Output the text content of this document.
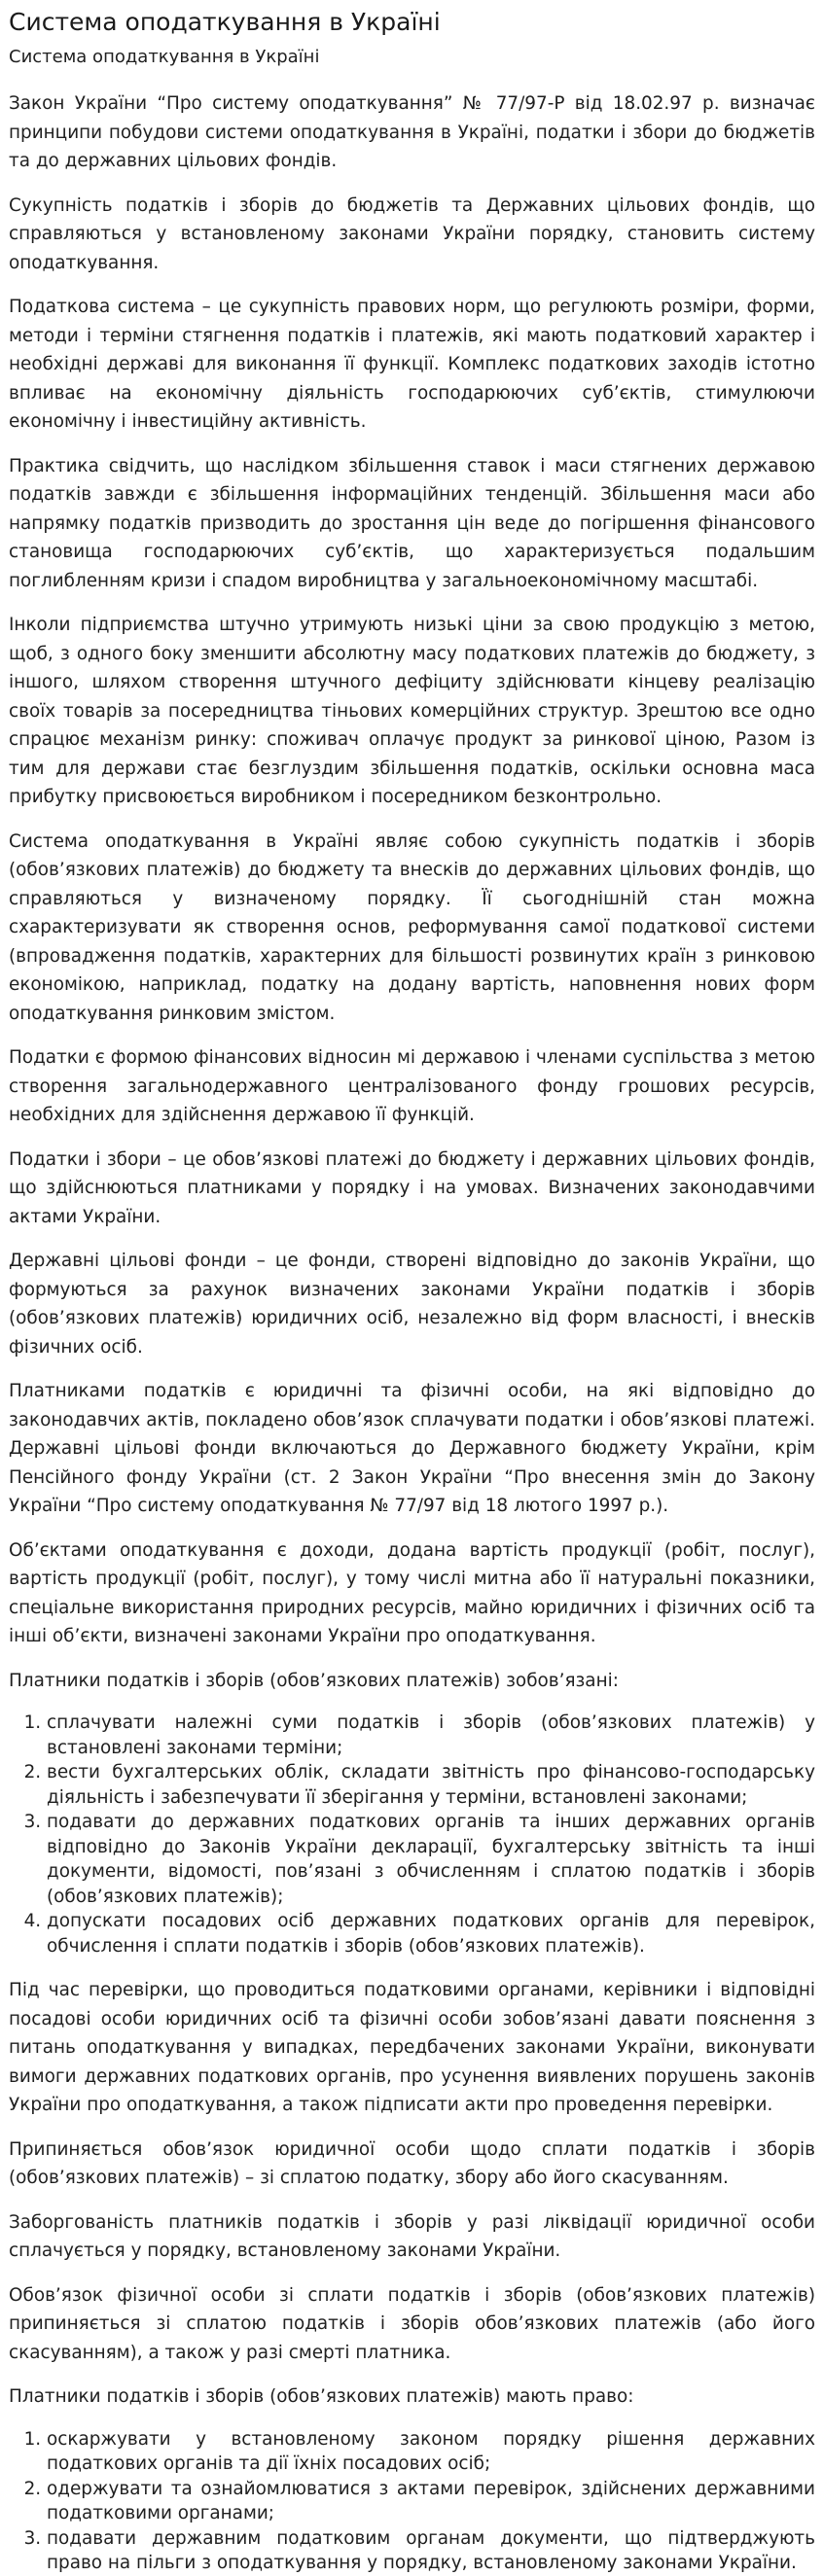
Система оподаткування в Україні
Система оподаткування в Україні

Закон України “Про систему оподаткування” № 77/97-Р від 18.02.97 р. визначає принципи побудови системи оподаткування в Україні, податки і збори до бюджетів та до державних цільових фондів.

Сукупність податків і зборів до бюджетів та Державних цільових фондів, що справляються у встановленому законами України порядку, становить систему оподаткування.

Податкова система – це сукупність правових норм, що регулюють розміри, форми, методи і терміни стягнення податків і платежів, які мають податковий характер і необхідні державі для виконання її функції. Комплекс податкових заходів істотно впливає на економічну діяльність господарюючих суб’єктів, стимулюючи економічну і інвестиційну активність.

Практика свідчить, що наслідком збільшення ставок і маси стягнених державою податків завжди є збільшення інформаційних тенденцій. Збільшення маси або напрямку податків призводить до зростання цін веде до погіршення фінансового становища господарюючих суб’єктів, що характеризується подальшим поглибленням кризи і спадом виробництва у загальноекономічному масштабі.

Інколи підприємства штучно утримують низькі ціни за свою продукцію з метою, щоб, з одного боку зменшити абсолютну масу податкових платежів до бюджету, з іншого, шляхом створення штучного дефіциту здійснювати кінцеву реалізацію своїх товарів за посередництва тіньових комерційних структур. Зрештою все одно спрацює механізм ринку: споживач оплачує продукт за ринкової ціною, Разом із тим для держави стає безглуздим збільшення податків, оскільки основна маса прибутку присвоюється виробником і посередником безконтрольно.

Система оподаткування в Україні являє собою сукупність податків і зборів (обов’язкових платежів) до бюджету та внесків до державних цільових фондів, що справляються у визначеному порядку. Її сьогоднішній стан можна схарактеризувати як створення основ, реформування самої податкової системи (впровадження податків, характерних для більшості розвинутих країн з ринковою економікою, наприклад, податку на додану вартість, наповнення нових форм оподаткування ринковим змістом.

Податки є формою фінансових відносин мі державою і членами суспільства з метою створення загальнодержавного централізованого фонду грошових ресурсів, необхідних для здійснення державою її функцій.

Податки і збори – це обов’язкові платежі до бюджету і державних цільових фондів, що здійснюються платниками у порядку і на умовах. Визначених законодавчими актами України.

Державні цільові фонди – це фонди, створені відповідно до законів України, що формуються за рахунок визначених законами України податків і зборів (обов’язкових платежів) юридичних осіб, незалежно від форм власності, і внесків фізичних осіб.

Платниками податків є юридичні та фізичні особи, на які відповідно до законодавчих актів, покладено обов’язок сплачувати податки і обов’язкові платежі. Державні цільові фонди включаються до Державного бюджету України, крім Пенсійного фонду України (ст. 2 Закон України “Про внесення змін до Закону України “Про систему оподаткування № 77/97 від 18 лютого 1997 р.).

Об’єктами оподаткування є доходи, додана вартість продукції (робіт, послуг), вартість продукції (робіт, послуг), у тому числі митна або її натуральні показники, спеціальне використання природних ресурсів, майно юридичних і фізичних осіб та інші об’єкти, визначені законами України про оподаткування.

Платники податків і зборів (обов’язкових платежів) зобов’язані:

1. сплачувати належні суми податків і зборів (обов’язкових платежів) у встановлені законами терміни;
2. вести бухгалтерських облік, складати звітність про фінансово-господарську діяльність і забезпечувати її зберігання у терміни, встановлені законами;
3. подавати до державних податкових органів та інших державних органів відповідно до Законів України декларації, бухгалтерську звітність та інші документи, відомості, пов’язані з обчисленням і сплатою податків і зборів (обов’язкових платежів);
4. допускати посадових осіб державних податкових органів для перевірок, обчислення і сплати податків і зборів (обов’язкових платежів).

Під час перевірки, що проводиться податковими органами, керівники і відповідні посадові особи юридичних осіб та фізичні особи зобов’язані давати пояснення з питань оподаткування у випадках, передбачених законами України, виконувати вимоги державних податкових органів, про усунення виявлених порушень законів України про оподаткування, а також підписати акти про проведення перевірки.

Припиняється обов’язок юридичної особи щодо сплати податків і зборів (обов’язкових платежів) – зі сплатою податку, збору або його скасуванням.

Заборгованість платників податків і зборів у разі ліквідації юридичної особи сплачується у порядку, встановленому законами України.

Обов’язок фізичної особи зі сплати податків і зборів (обов’язкових платежів) припиняється зі сплатою податків і зборів обов’язкових платежів (або його скасуванням), а також у разі смерті платника.

Платники податків і зборів (обов’язкових платежів) мають право:

1. оскаржувати у встановленому законом порядку рішення державних податкових органів та дії їхніх посадових осіб;
2. одержувати та ознайомлюватися з актами перевірок, здійснених державними податковими органами;
3. подавати державним податковим органам документи, що підтверджують право на пільги з оподаткування у порядку, встановленому законами України.
